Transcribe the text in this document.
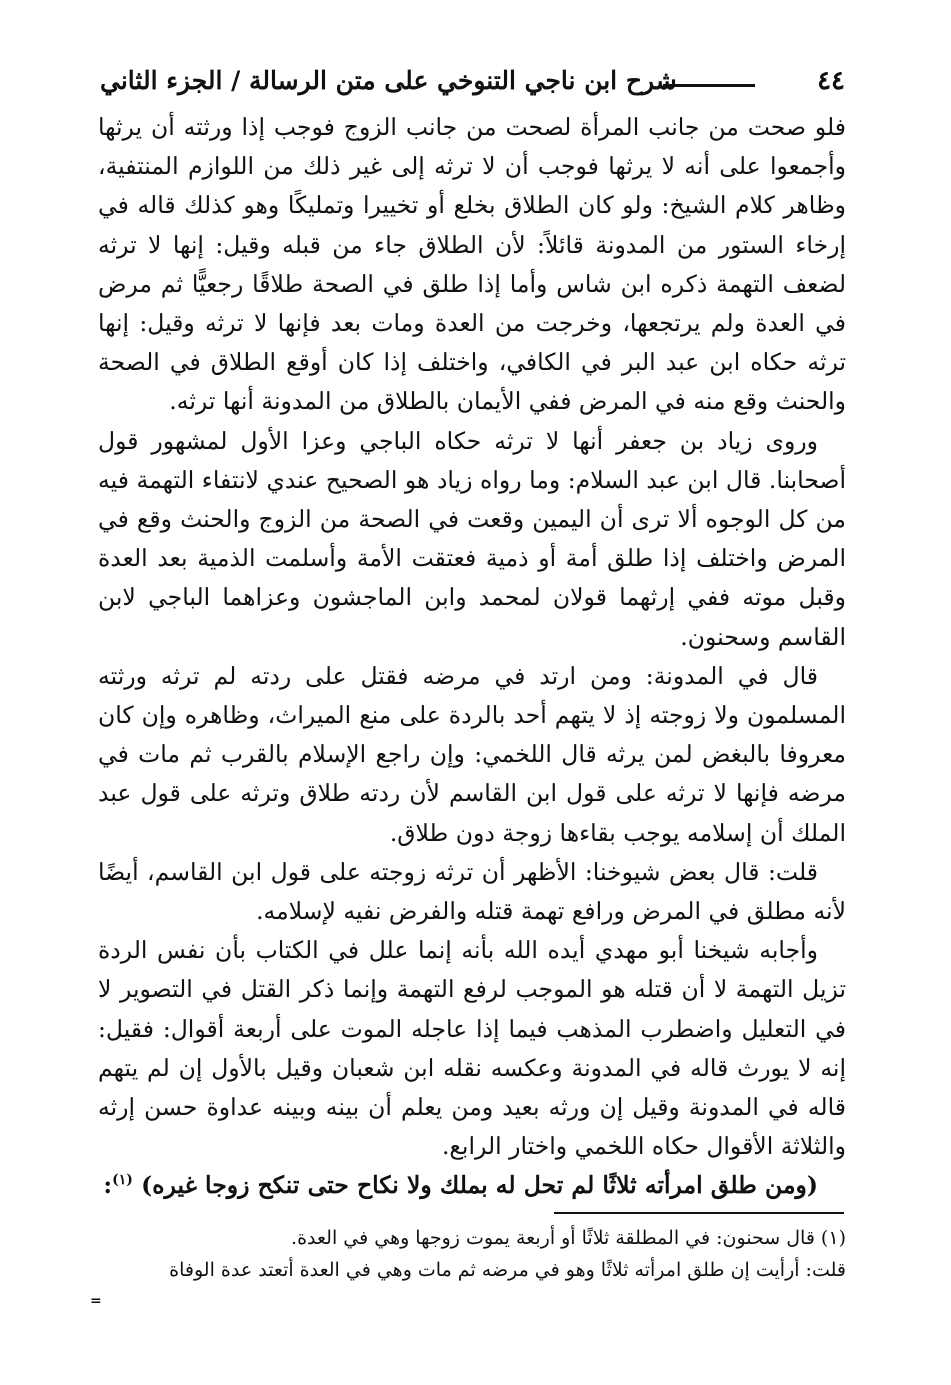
٤٤
شرح ابن ناجي التنوخي على متن الرسالة / الجزء الثاني

فلو صحت من جانب المرأة لصحت من جانب الزوج فوجب إذا ورثته أن يرثها وأجمعوا على أنه لا يرثها فوجب أن لا ترثه إلى غير ذلك من اللوازم المنتفية، وظاهر كلام الشيخ: ولو كان الطلاق بخلع أو تخييرا وتمليكًا وهو كذلك قاله في إرخاء الستور من المدونة قائلاً: لأن الطلاق جاء من قبله وقيل: إنها لا ترثه لضعف التهمة ذكره ابن شاس وأما إذا طلق في الصحة طلاقًا رجعيًّا ثم مرض في العدة ولم يرتجعها، وخرجت من العدة ومات بعد فإنها لا ترثه وقيل: إنها ترثه حكاه ابن عبد البر في الكافي، واختلف إذا كان أوقع الطلاق في الصحة والحنث وقع منه في المرض ففي الأيمان بالطلاق من المدونة أنها ترثه.

وروى زياد بن جعفر أنها لا ترثه حكاه الباجي وعزا الأول لمشهور قول أصحابنا. قال ابن عبد السلام: وما رواه زياد هو الصحيح عندي لانتفاء التهمة فيه من كل الوجوه ألا ترى أن اليمين وقعت في الصحة من الزوج والحنث وقع في المرض واختلف إذا طلق أمة أو ذمية فعتقت الأمة وأسلمت الذمية بعد العدة وقبل موته ففي إرثهما قولان لمحمد وابن الماجشون وعزاهما الباجي لابن القاسم وسحنون.

قال في المدونة: ومن ارتد في مرضه فقتل على ردته لم ترثه ورثته المسلمون ولا زوجته إذ لا يتهم أحد بالردة على منع الميراث، وظاهره وإن كان معروفا بالبغض لمن يرثه قال اللخمي: وإن راجع الإسلام بالقرب ثم مات في مرضه فإنها لا ترثه على قول ابن القاسم لأن ردته طلاق وترثه على قول عبد الملك أن إسلامه يوجب بقاءها زوجة دون طلاق.

قلت: قال بعض شيوخنا: الأظهر أن ترثه زوجته على قول ابن القاسم، أيضًا لأنه مطلق في المرض ورافع تهمة قتله والفرض نفيه لإسلامه.

وأجابه شيخنا أبو مهدي أيده الله بأنه إنما علل في الكتاب بأن نفس الردة تزيل التهمة لا أن قتله هو الموجب لرفع التهمة وإنما ذكر القتل في التصوير لا في التعليل واضطرب المذهب فيما إذا عاجله الموت على أربعة أقوال: فقيل: إنه لا يورث قاله في المدونة وعكسه نقله ابن شعبان وقيل بالأول إن لم يتهم قاله في المدونة وقيل إن ورثه بعيد ومن يعلم أن بينه وبينه عداوة حسن إرثه والثلاثة الأقوال حكاه اللخمي واختار الرابع.

(ومن طلق امرأته ثلاثًا لم تحل له بملك ولا نكاح حتى تنكح زوجا غيره) $^{(١)}$:

(١) قال سحنون: في المطلقة ثلاثًا أو أربعة يموت زوجها وهي في العدة.

قلت: أرأيت إن طلق امرأته ثلاثًا وهو في مرضه ثم مات وهي في العدة أتعتد عدة الوفاة

=
